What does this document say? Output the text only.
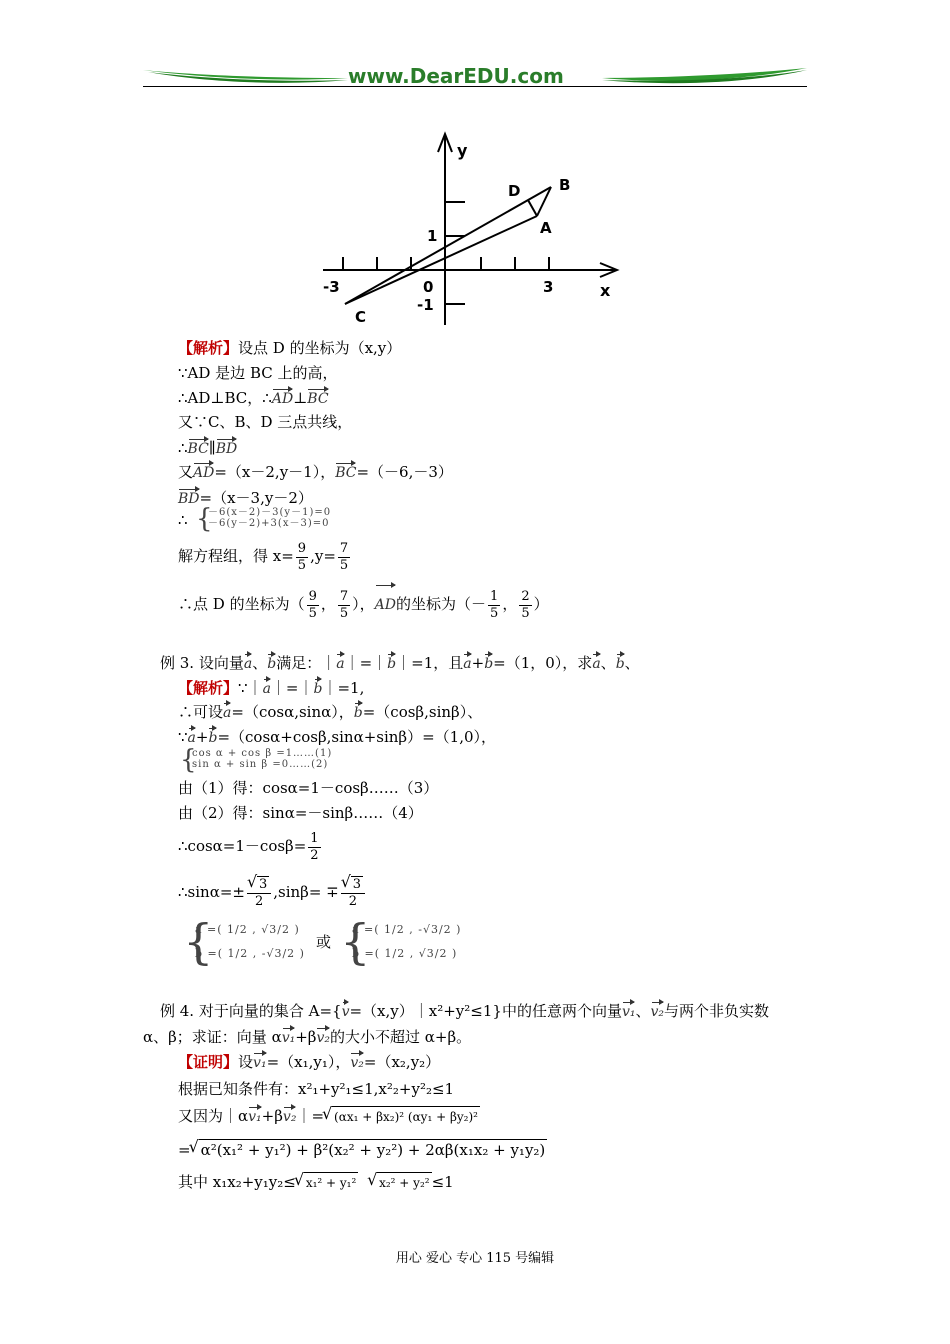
www.DearEDU.com
y
x
B
D
A
C
1
0
-3	3
-1
【解析】设点 D 的坐标为（x,y）
∵AD 是边 BC 上的高，
∴AD⊥BC，∴AD⊥BC
又∵C、B、D 三点共线，
∴BC∥BD
又AD=（x－2,y－1），BC=（－6,－3）
BD=（x－3,y－2）
∴ {
－6(x－2)－3(y－1)=0
－6(y－2)+3(x－3)=0
解方程组，得 $x= \frac{9}{5} ,y= \frac{7}{5}$
∴点 D 的坐标为（ $\frac{9}{5}$ ， $\frac{7}{5}$ ），AD的坐标为（－ $\frac{1}{5}$ ， $\frac{2}{5}$ ）
例 3. 设向量a、b满足：｜a｜=｜b｜=1，且a+b=（1，0），求a、b、
【解析】∵｜a｜=｜b｜=1,
∴可设a=（cosα,sinα），b=（cosβ,sinβ）、
∵a+b=（cosα+cosβ,sinα+sinβ）=（1,0），
{
cos α + cos β =1……(1)
sin α + sin β =0……(2)
由（1）得：cosα=1－cosβ……（3）
由（2）得：sinα=－sinβ……（4）
∴cosα=1－cosβ= $\frac{1}{2}$
∴sinα=± √ $\frac{3}{2} ,\sin\beta=$ ∓ √ $\frac{3}{2}$
{
a =( 1/2 , √3/2 )
b =( 1/2 , -√3/2 )
或 {
a =( 1/2 , -√3/2 )
b =( 1/2 , √3/2 )
例 4. 对于向量的集合 A={v=（x,y）｜x²+y²≤1}中的任意两个向量v₁、v₂与两个非负实数
α、β；求证：向量 αv₁+βv₂的大小不超过 α+β。
【证明】设v₁=（x₁,y₁），v₂=（x₂,y₂）
根据已知条件有：x²₁+y²₁≤1,x²₂+y²₂≤1
又因为｜αv₁+βv₂｜= √ (αx₁ + βx₂)² (αy₁ + βy₂)²
= √ α²(x₁² + y₁²) + β²(x₂² + y₂²) + 2αβ(x₁x₂ + y₁y₂)
其中 x₁x₂+y₁y₂≤ √ x₁² + y₁² √ x₂² + y₂² ≤1
用心 爱心 专心 115 号编辑
